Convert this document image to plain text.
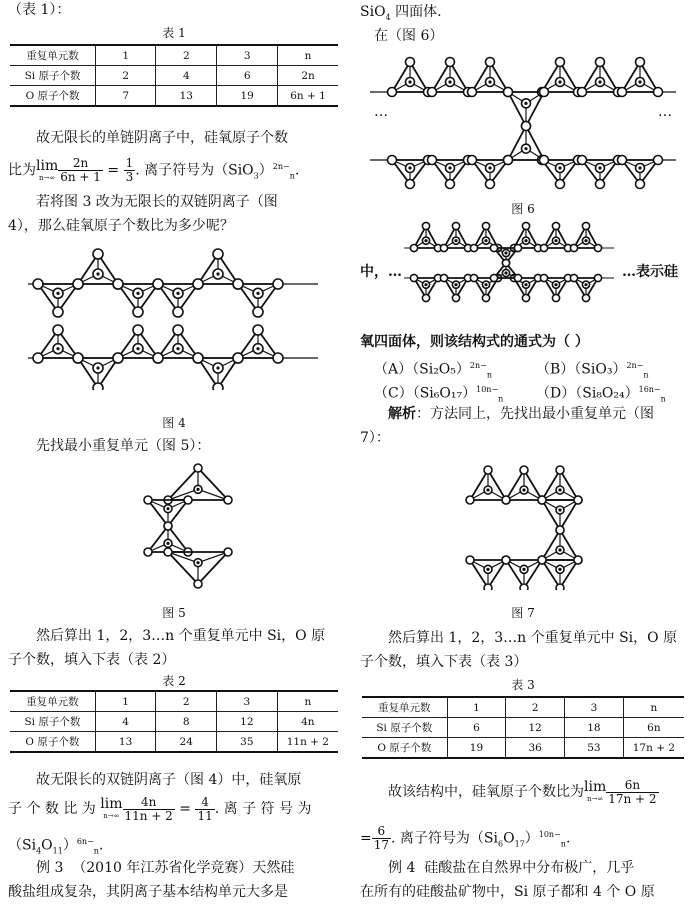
（表 1）：
表 1
重复单元数	1	2	3	n
Si 原子个数	2	4	6	2n
O 原子个数	7	13	19	6n + 1
故无限长的单链阴离子中，硅氧原子个数
比为 lim
$n\to\infty \frac{2n}{6n + 1} = \frac{1}{3}$ . 离子符号为$(SiO_3)^{2n-}_n$.
若将图 3 改为无限长的双链阴离子（图
4），那么硅氧原子个数比为多少呢？
图 4
先找最小重复单元（图 5）：
图 5
然后算出 1，2，3…n 个重复单元中 Si，O 原
子个数，填入下表（表 2）
表 2
重复单元数	1	2	3	n
Si 原子个数	4	8	12	4n
O 原子个数	13	24	35	11n + 2
故无限长的双链阴离子（图 4）中，硅氧原
子 个 数 比 为 lim
$n\to\infty \frac{4n}{11n + 2} = \frac{4}{11}$ . 离 子 符 号 为
$(Si_4O_{11})^{6n-}_n$.
例 3 （2010 年江苏省化学竞赛）天然硅
酸盐组成复杂，其阴离子基本结构单元大多是
SiO$_4$ 四面体.
在（图 6）
…	…
图 6
中，…	…表示硅
氧四面体，则该结构式的通式为（ ）
$(A)(Si_2O_5)^{2n-}_n$	$(B)(SiO_3)^{2n-}_n$
$(C)(Si_6O_{17})^{10n-}_n$ $(D)(Si_8O_{24})^{16n-}_n$
解析：方法同上，先找出最小重复单元（图
7）：
图 7
然后算出 1，2，3…n 个重复单元中 Si，O 原
子个数，填入下表（表 3）
表 3
重复单元数	1	2	3	n
Si 原子个数	6	12	18	6n
O 原子个数	19	36	53	17n + 2
故该结构中，硅氧原子个数比为 lim
$n\to\infty \frac{6n}{17n + 2}$
= $\frac{6}{17}$ . 离子符号为$(Si_6O_{17})^{10n-}_n$.
例 4 硅酸盐在自然界中分布极广，几乎
在所有的硅酸盐矿物中，Si 原子都和 4 个 O 原
